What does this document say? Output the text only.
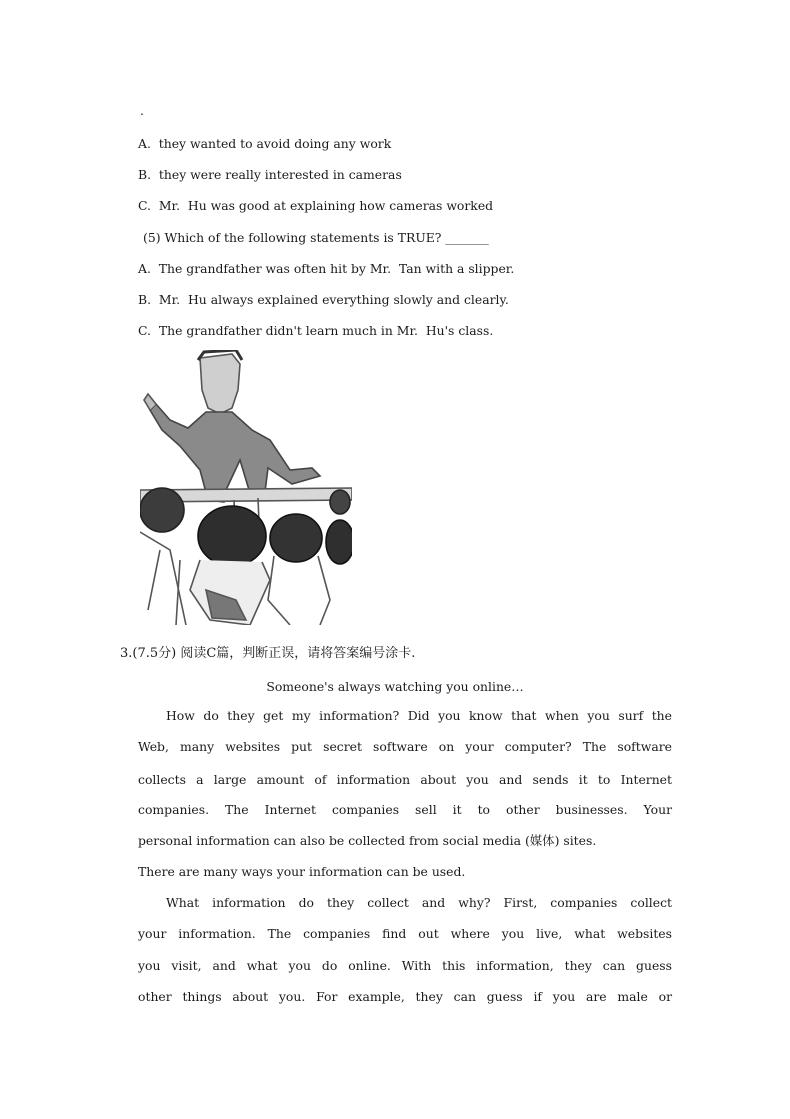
.
A.  they wanted to avoid doing any work
B.  they were really interested in cameras
C.  Mr.  Hu was good at explaining how cameras worked
(5) Which of the following statements is TRUE? _______
A.  The grandfather was often hit by Mr.  Tan with a slipper.
B.  Mr.  Hu always explained everything slowly and clearly.
C.  The grandfather didn't learn much in Mr.  Hu's class.
3.(7.5分) 阅读C篇，判断正误，请将答案编号涂卡.
Someone's always watching you online…
How do they get my information? Did you know that when you surf the
Web, many websites put secret software on your computer? The software
collects a large amount of information about you and sends it to Internet
companies. The Internet companies sell it to other businesses. Your
personal information can also be collected from social media (媒体) sites.
There are many ways your information can be used.
What information do they collect and why? First, companies collect
your information. The companies find out where you live, what websites
you visit, and what you do online. With this information, they can guess
other things about you. For example, they can guess if you are male or
